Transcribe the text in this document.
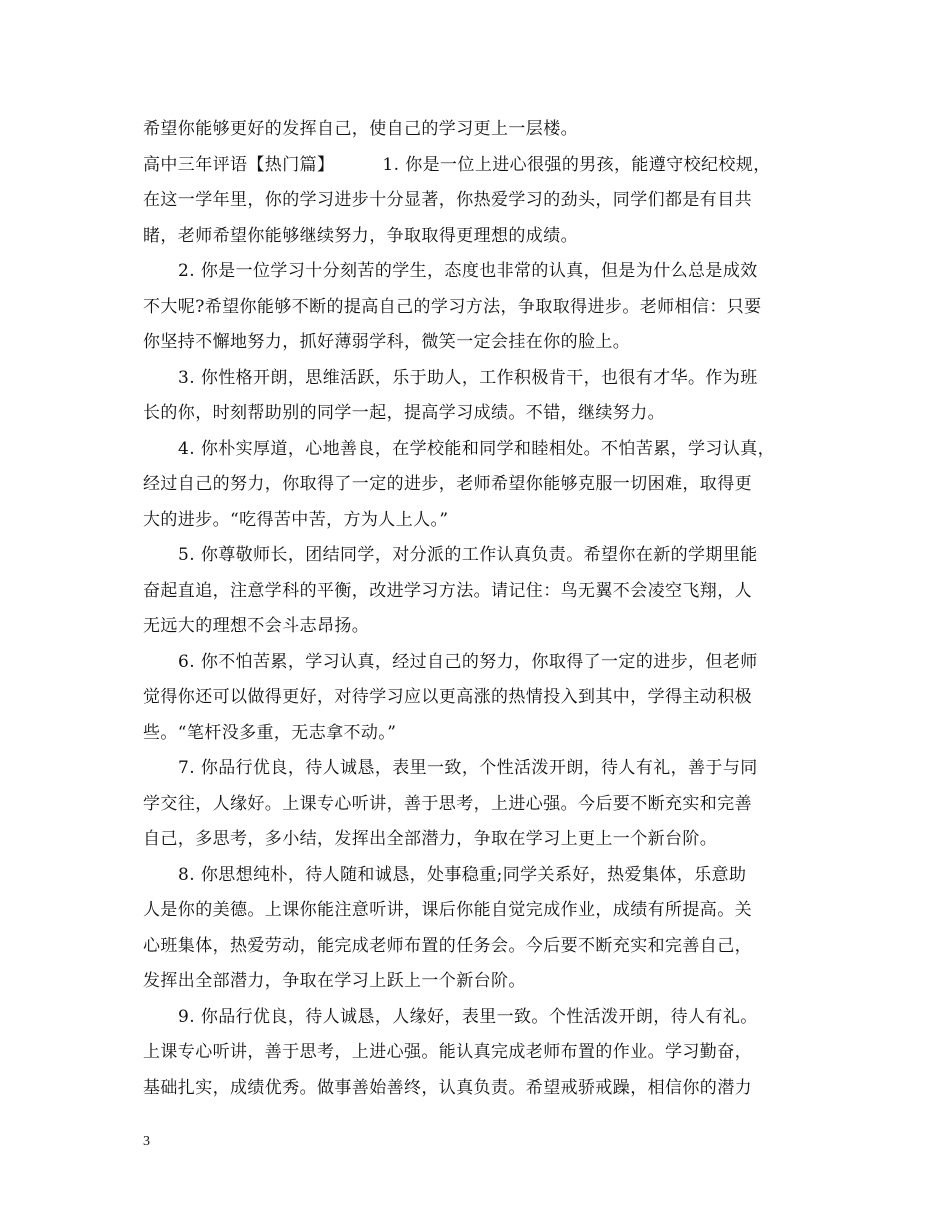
希望你能够更好的发挥自己，使自己的学习更上一层楼。
高中三年评语【热门篇】	1. 你是一位上进心很强的男孩，能遵守校纪校规，
在这一学年里，你的学习进步十分显著，你热爱学习的劲头，同学们都是有目共
睹，老师希望你能够继续努力，争取取得更理想的成绩。
2. 你是一位学习十分刻苦的学生，态度也非常的认真，但是为什么总是成效
不大呢?希望你能够不断的提高自己的学习方法，争取取得进步。老师相信：只要
你坚持不懈地努力，抓好薄弱学科，微笑一定会挂在你的脸上。
3. 你性格开朗，思维活跃，乐于助人，工作积极肯干，也很有才华。作为班
长的你，时刻帮助别的同学一起，提高学习成绩。不错，继续努力。
4. 你朴实厚道，心地善良，在学校能和同学和睦相处。不怕苦累，学习认真，
经过自己的努力，你取得了一定的进步，老师希望你能够克服一切困难，取得更
大的进步。“吃得苦中苦，方为人上人。”
5. 你尊敬师长，团结同学，对分派的工作认真负责。希望你在新的学期里能
奋起直追，注意学科的平衡，改进学习方法。请记住：鸟无翼不会凌空飞翔，人
无远大的理想不会斗志昂扬。
6. 你不怕苦累，学习认真，经过自己的努力，你取得了一定的进步，但老师
觉得你还可以做得更好，对待学习应以更高涨的热情投入到其中，学得主动积极
些。“笔杆没多重，无志拿不动。”
7. 你品行优良，待人诚恳，表里一致，个性活泼开朗，待人有礼，善于与同
学交往，人缘好。上课专心听讲，善于思考，上进心强。今后要不断充实和完善
自己，多思考，多小结，发挥出全部潜力，争取在学习上更上一个新台阶。
8. 你思想纯朴，待人随和诚恳，处事稳重;同学关系好，热爱集体，乐意助
人是你的美德。上课你能注意听讲，课后你能自觉完成作业，成绩有所提高。关
心班集体，热爱劳动，能完成老师布置的任务会。今后要不断充实和完善自己，
发挥出全部潜力，争取在学习上跃上一个新台阶。
9. 你品行优良，待人诚恳，人缘好，表里一致。个性活泼开朗，待人有礼。
上课专心听讲，善于思考，上进心强。能认真完成老师布置的作业。学习勤奋，
基础扎实，成绩优秀。做事善始善终，认真负责。希望戒骄戒躁，相信你的潜力
3
